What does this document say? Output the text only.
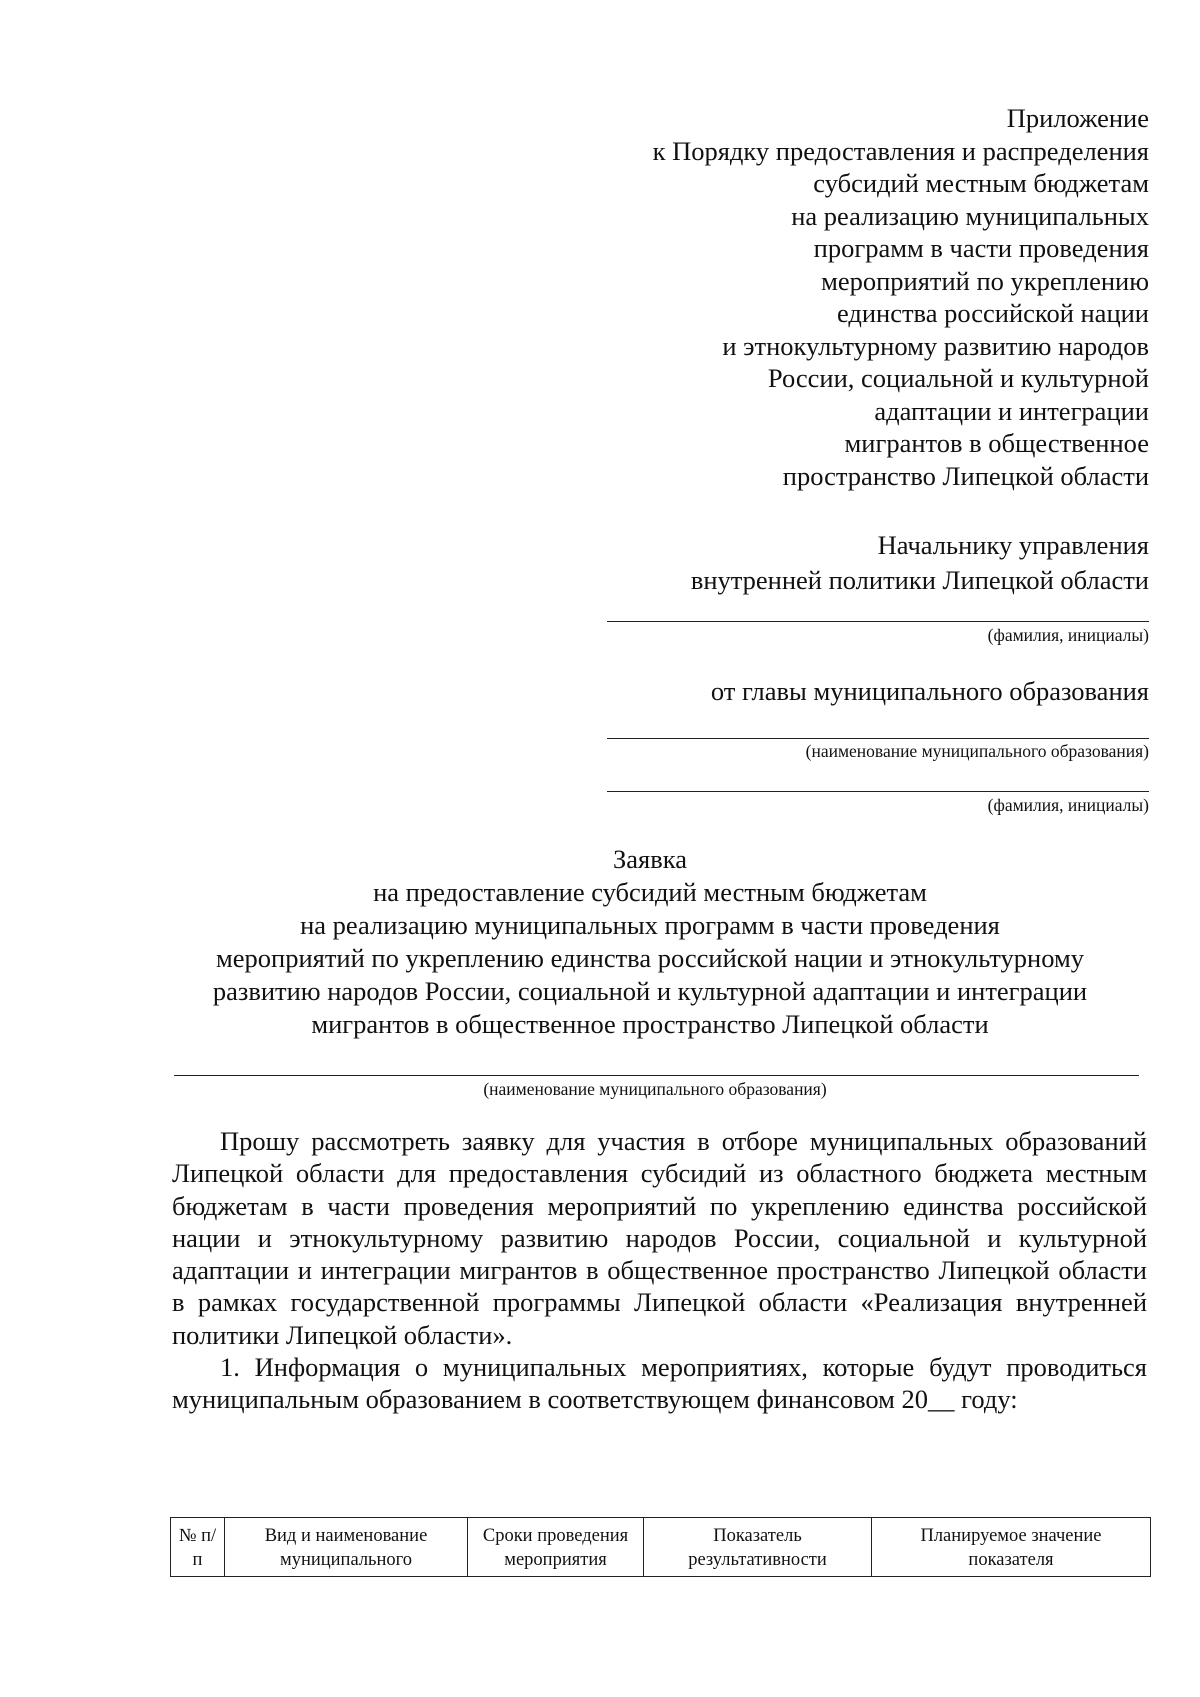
Приложение
к Порядку предоставления и распределения
субсидий местным бюджетам
на реализацию муниципальных
программ в части проведения
мероприятий по укреплению
единства российской нации
и этнокультурному развитию народов
России, социальной и культурной
адаптации и интеграции
мигрантов в общественное
пространство Липецкой области
Начальнику управления
внутренней политики Липецкой области
(фамилия, инициалы)
от главы муниципального образования
(наименование муниципального образования)
(фамилия, инициалы)
Заявка
на предоставление субсидий местным бюджетам
на реализацию муниципальных программ в части проведения
мероприятий по укреплению единства российской нации и этнокультурному
развитию народов России, социальной и культурной адаптации и интеграции
мигрантов в общественное пространство Липецкой области
(наименование муниципального образования)

Прошу рассмотреть заявку для участия в отборе муниципальных образований Липецкой области для предоставления субсидий из областного бюджета местным бюджетам в части проведения мероприятий по укреплению единства российской нации и этнокультурному развитию народов России, социальной и культурной адаптации и интеграции мигрантов в общественное пространство Липецкой области в рамках государственной программы Липецкой области «Реализация внутренней политики Липецкой области».

1. Информация о муниципальных мероприятиях, которые будут проводиться муниципальным образованием в соответствующем финансовом 20__ году:

№ п/п	Вид и наименование муниципального	Сроки проведения мероприятия	Показатель результативности	Планируемое значение показателя
